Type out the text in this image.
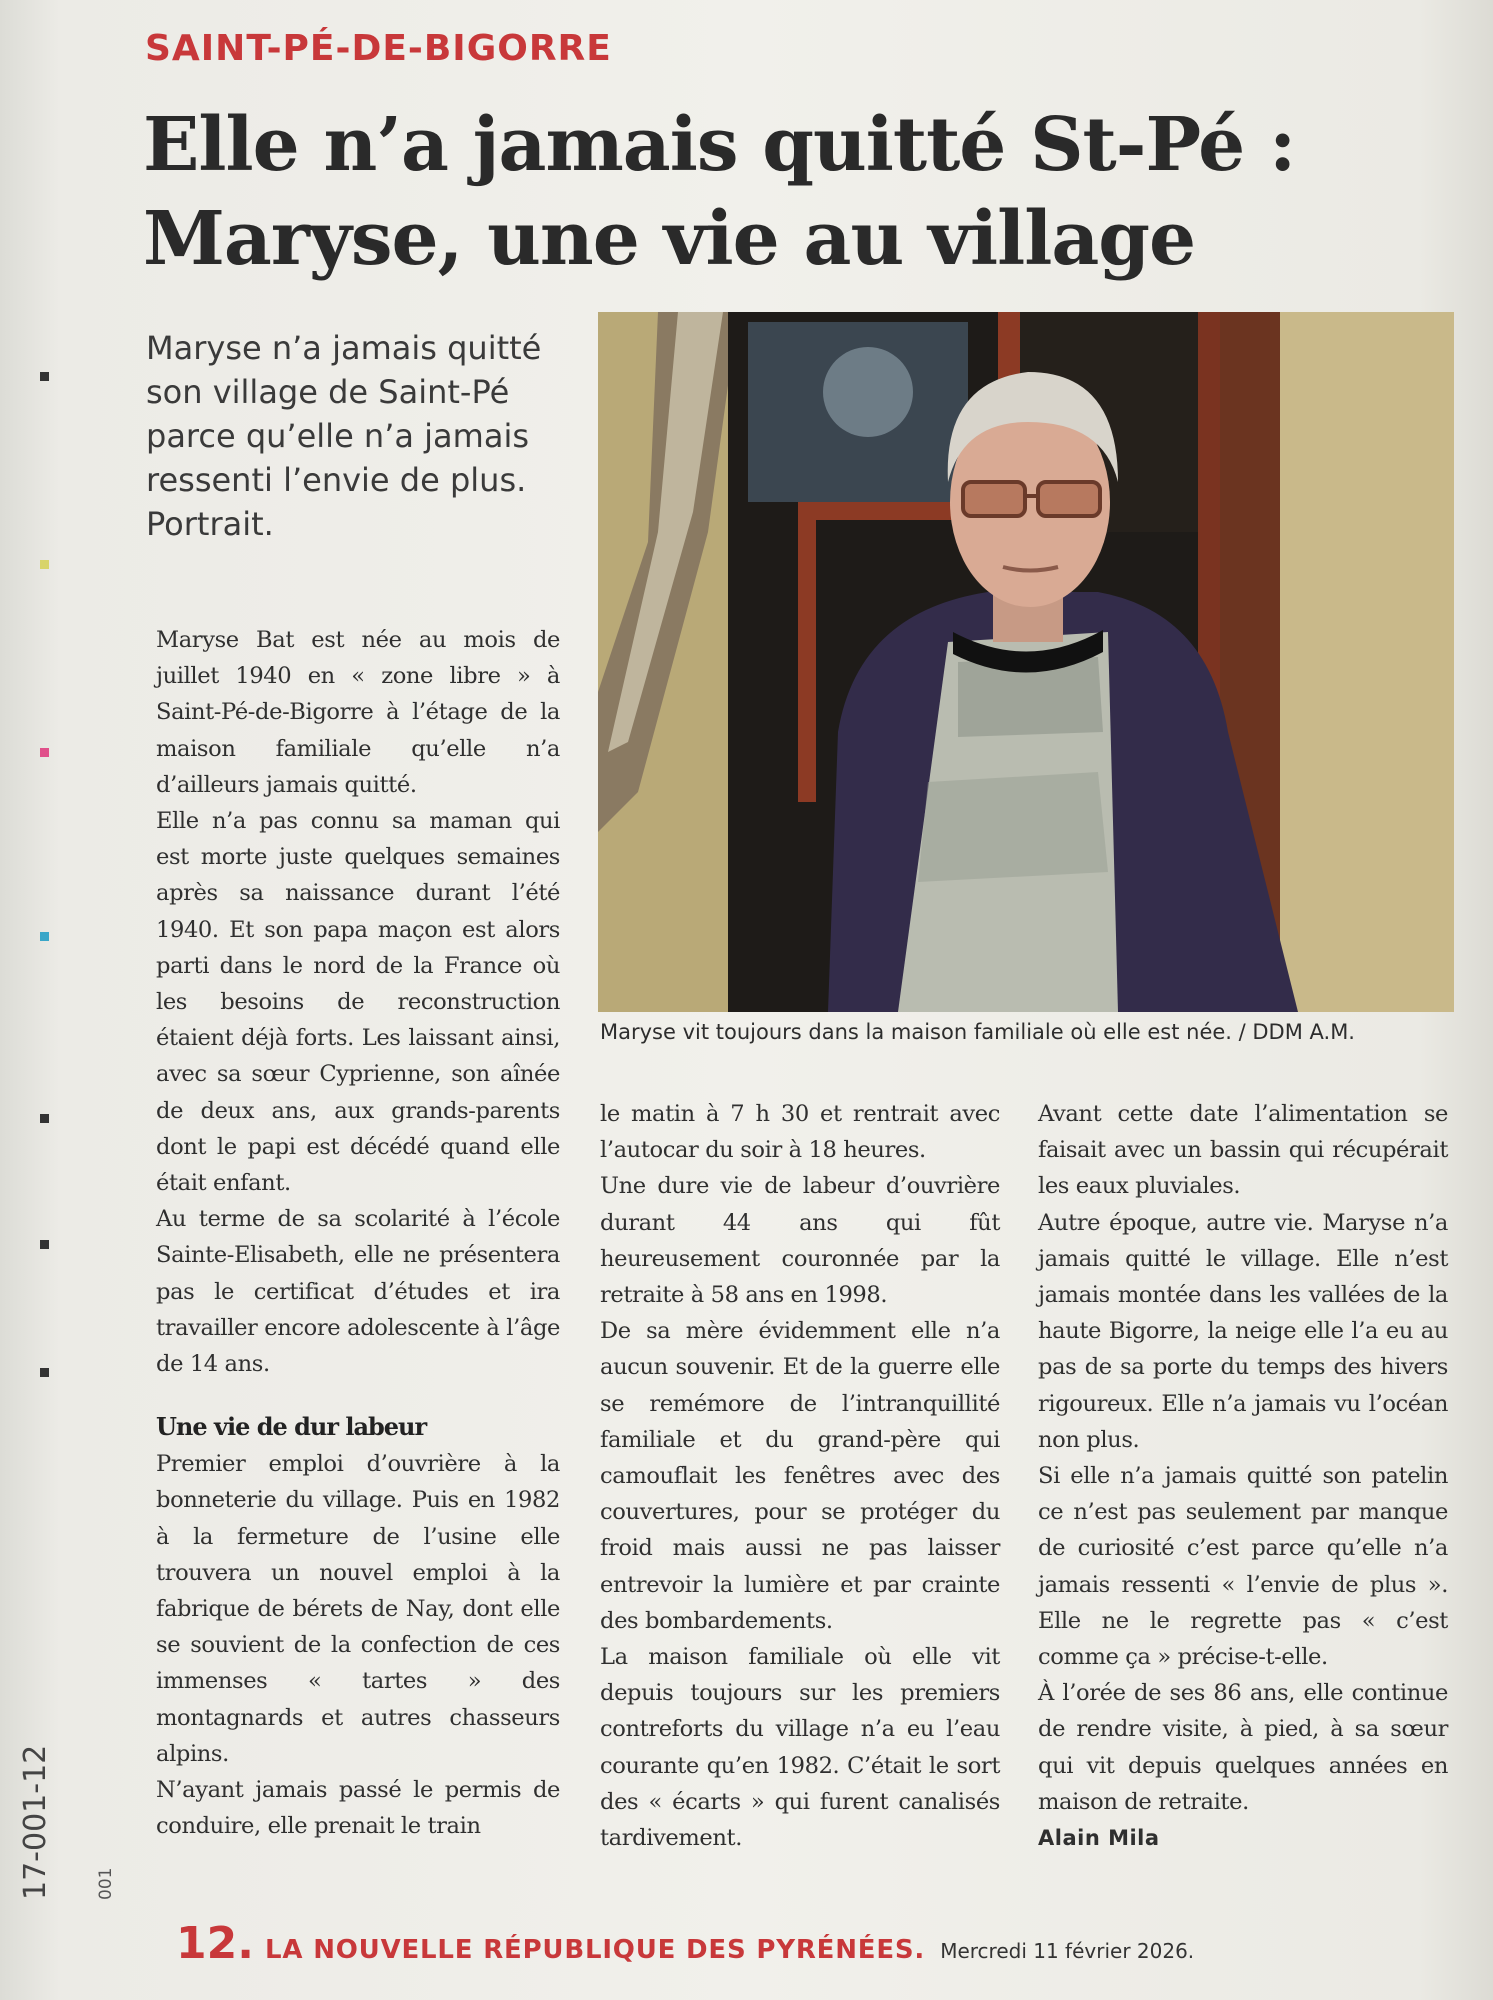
SAINT-PÉ-DE-BIGORRE
Elle n’a jamais quitté St-Pé :
Maryse, une vie au village
Maryse n’a jamais quitté son village de Saint-Pé parce qu’elle n’a jamais ressenti l’envie de plus. Portrait.
Maryse vit toujours dans la maison familiale où elle est née. / DDM A.M.

Maryse Bat est née au mois de juillet 1940 en « zone libre » à Saint-Pé-de-Bigorre à l’étage de la maison familiale qu’elle n’a d’ailleurs jamais quitté.

Elle n’a pas connu sa maman qui est morte juste quelques semaines après sa naissance durant l’été 1940. Et son papa maçon est alors parti dans le nord de la France où les besoins de reconstruction étaient déjà forts. Les laissant ainsi, avec sa sœur Cyprienne, son aînée de deux ans, aux grands-parents dont le papi est décédé quand elle était enfant.

Au terme de sa scolarité à l’école Sainte-Elisabeth, elle ne présentera pas le certificat d’études et ira travailler encore adolescente à l’âge de 14 ans.

Une vie de dur labeur

Premier emploi d’ouvrière à la bonneterie du village. Puis en 1982 à la fermeture de l’usine elle trouvera un nouvel emploi à la fabrique de bérets de Nay, dont elle se souvient de la confection de ces immenses « tartes » des montagnards et autres chasseurs alpins.

N’ayant jamais passé le permis de conduire, elle prenait le train

le matin à 7 h 30 et rentrait avec l’autocar du soir à 18 heures.

Une dure vie de labeur d’ouvrière durant 44 ans qui fût heureusement couronnée par la retraite à 58 ans en 1998.

De sa mère évidemment elle n’a aucun souvenir. Et de la guerre elle se remémore de l’intranquillité familiale et du grand-père qui camouflait les fenêtres avec des couvertures, pour se protéger du froid mais aussi ne pas laisser entrevoir la lumière et par crainte des bombardements.

La maison familiale où elle vit depuis toujours sur les premiers contreforts du village n’a eu l’eau courante qu’en 1982. C’était le sort des « écarts » qui furent canalisés tardivement.

Avant cette date l’alimentation se faisait avec un bassin qui récupérait les eaux pluviales.

Autre époque, autre vie. Maryse n’a jamais quitté le village. Elle n’est jamais montée dans les vallées de la haute Bigorre, la neige elle l’a eu au pas de sa porte du temps des hivers rigoureux. Elle n’a jamais vu l’océan non plus.

Si elle n’a jamais quitté son patelin ce n’est pas seulement par manque de curiosité c’est parce qu’elle n’a jamais ressenti « l’envie de plus ». Elle ne le regrette pas « c’est comme ça » précise-t-elle.

À l’orée de ses 86 ans, elle continue de rendre visite, à pied, à sa sœur qui vit depuis quelques années en maison de retraite.

Alain Mila
12. LA NOUVELLE RÉPUBLIQUE DES PYRÉNÉES. Mercredi 11 février 2026.
17-001-12	001
